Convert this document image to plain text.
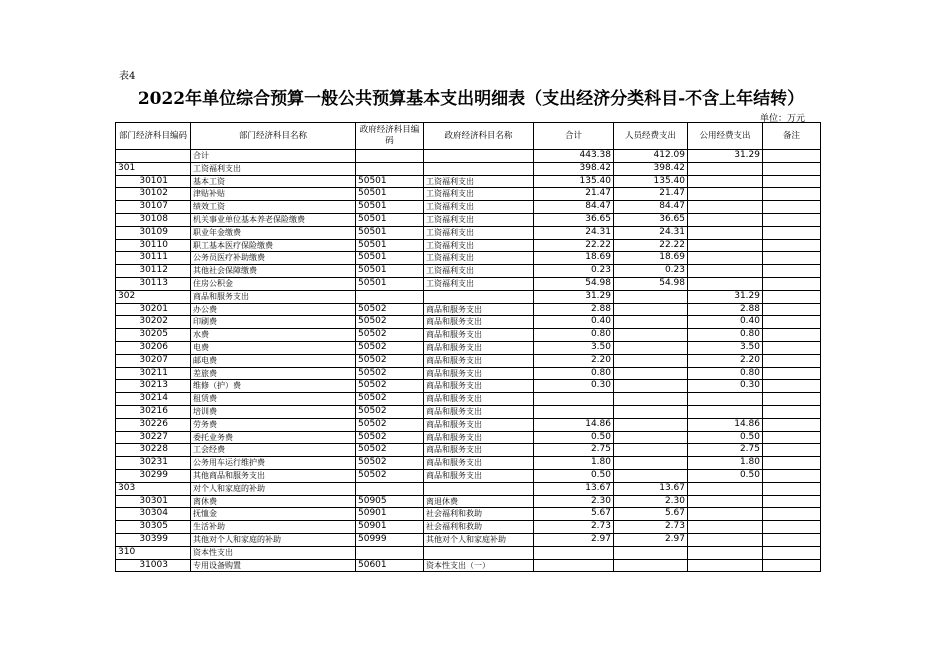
表4
2022年单位综合预算一般公共预算基本支出明细表（支出经济分类科目-不含上年结转）
单位：万元
部门经济科目编码	部门经济科目名称	政府经济科目编码	政府经济科目名称	合计	人员经费支出	公用经费支出	备注
	合计			443.38	412.09	31.29	
301	工资福利支出			398.42	398.42		
30101	基本工资	50501	工资福利支出	135.40	135.40		
30102	津贴补贴	50501	工资福利支出	21.47	21.47		
30107	绩效工资	50501	工资福利支出	84.47	84.47		
30108	机关事业单位基本养老保险缴费	50501	工资福利支出	36.65	36.65		
30109	职业年金缴费	50501	工资福利支出	24.31	24.31		
30110	职工基本医疗保险缴费	50501	工资福利支出	22.22	22.22		
30111	公务员医疗补助缴费	50501	工资福利支出	18.69	18.69		
30112	其他社会保障缴费	50501	工资福利支出	0.23	0.23		
30113	住房公积金	50501	工资福利支出	54.98	54.98		
302	商品和服务支出			31.29		31.29	
30201	办公费	50502	商品和服务支出	2.88		2.88	
30202	印刷费	50502	商品和服务支出	0.40		0.40	
30205	水费	50502	商品和服务支出	0.80		0.80	
30206	电费	50502	商品和服务支出	3.50		3.50	
30207	邮电费	50502	商品和服务支出	2.20		2.20	
30211	差旅费	50502	商品和服务支出	0.80		0.80	
30213	维修（护）费	50502	商品和服务支出	0.30		0.30	
30214	租赁费	50502	商品和服务支出				
30216	培训费	50502	商品和服务支出				
30226	劳务费	50502	商品和服务支出	14.86		14.86	
30227	委托业务费	50502	商品和服务支出	0.50		0.50	
30228	工会经费	50502	商品和服务支出	2.75		2.75	
30231	公务用车运行维护费	50502	商品和服务支出	1.80		1.80	
30299	其他商品和服务支出	50502	商品和服务支出	0.50		0.50	
303	对个人和家庭的补助			13.67	13.67		
30301	离休费	50905	离退休费	2.30	2.30		
30304	抚恤金	50901	社会福利和救助	5.67	5.67		
30305	生活补助	50901	社会福利和救助	2.73	2.73		
30399	其他对个人和家庭的补助	50999	其他对个人和家庭补助	2.97	2.97		
310	资本性支出						
31003	专用设备购置	50601	资本性支出（一）				
